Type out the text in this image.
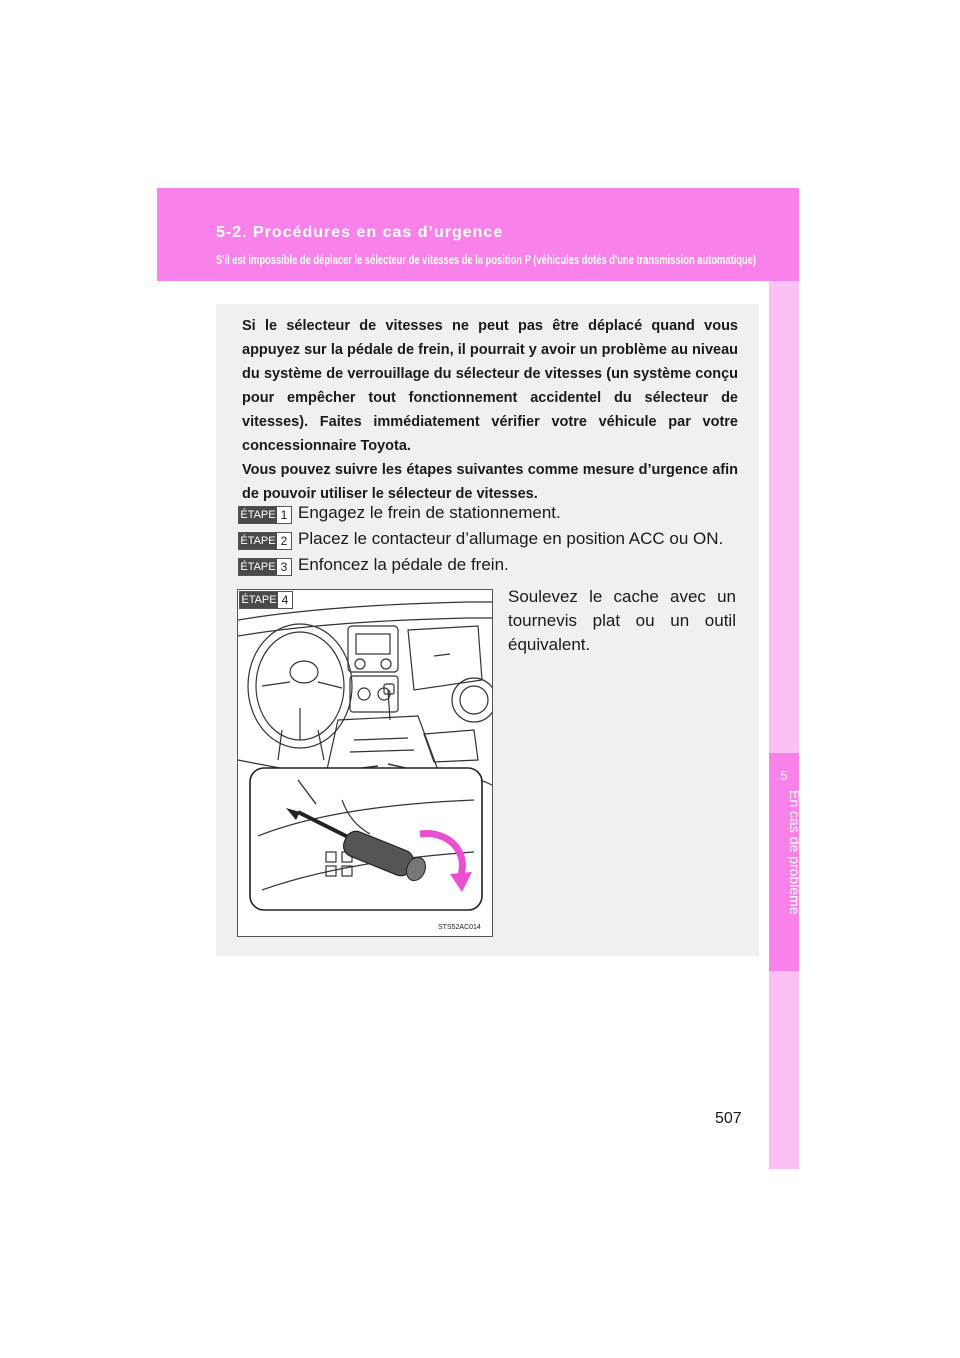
5-2. Procédures en cas d’urgence
S'il est impossible de déplacer le sélecteur de vitesses de la position P (véhicules dotés d'une transmission automatique)
5
En cas de problème

Si le sélecteur de vitesses ne peut pas être déplacé quand vous appuyez sur la pédale de frein, il pourrait y avoir un problème au niveau du système de verrouillage du sélecteur de vitesses (un système conçu pour empêcher tout fonctionnement accidentel du sélecteur de vitesses). Faites immédiatement vérifier votre véhicule par votre concessionnaire Toyota.

Vous pouvez suivre les étapes suivantes comme mesure d’urgence afin de pouvoir utiliser le sélecteur de vitesses.

ÉTAPE 1 Engagez le frein de stationnement.
ÉTAPE 2 Placez le contacteur d’allumage en position ACC ou ON.
ÉTAPE 3 Enfoncez la pédale de frein.

Soulevez le cache avec un tournevis plat ou un outil équivalent.

ÉTAPE 4
STS52AC014
507
